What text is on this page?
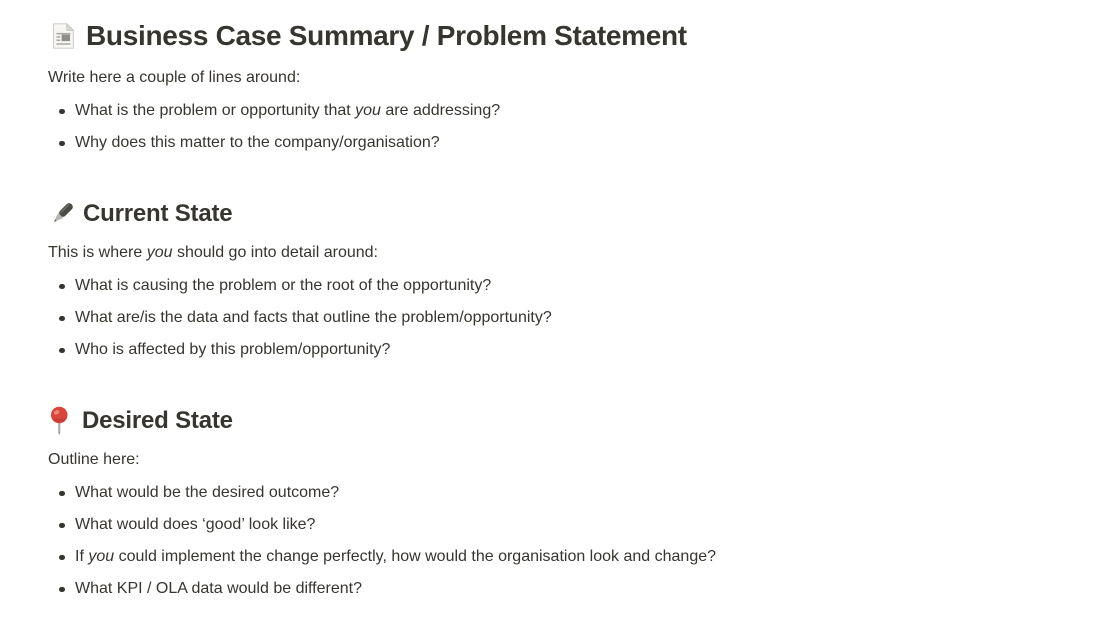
Business Case Summary / Problem Statement

Write here a couple of lines around:

What is the problem or opportunity that you are addressing?
Why does this matter to the company/organisation?
Current State

This is where you should go into detail around:

What is causing the problem or the root of the opportunity?
What are/is the data and facts that outline the problem/opportunity?
Who is affected by this problem/opportunity?
Desired State

Outline here:

What would be the desired outcome?
What would does ‘good’ look like?
If you could implement the change perfectly, how would the organisation look and change?
What KPI / OLA data would be different?
